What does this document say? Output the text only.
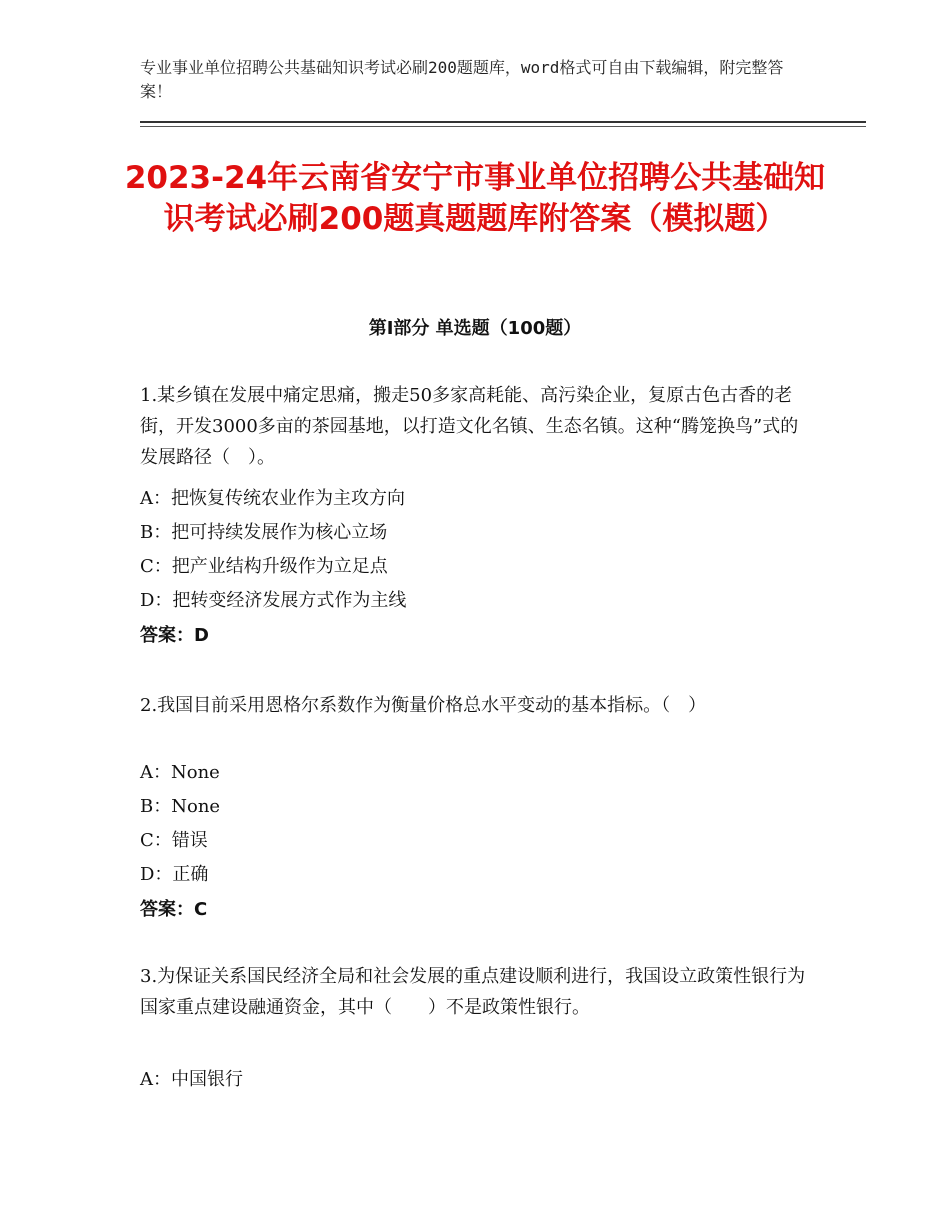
专业事业单位招聘公共基础知识考试必刷200题题库，word格式可自由下载编辑，附完整答案！
2023-24年云南省安宁市事业单位招聘公共基础知识考试必刷200题真题题库附答案（模拟题）
第Ⅰ部分 单选题（100题）
1.某乡镇在发展中痛定思痛，搬走50多家高耗能、高污染企业，复原古色古香的老街，开发3000多亩的茶园基地，以打造文化名镇、生态名镇。这种“腾笼换鸟”式的发展路径（　）。
A：把恢复传统农业作为主攻方向
B：把可持续发展作为核心立场
C：把产业结构升级作为立足点
D：把转变经济发展方式作为主线
答案：D
2.我国目前采用恩格尔系数作为衡量价格总水平变动的基本指标。（　）
A：None
B：None
C：错误
D：正确
答案：C
3.为保证关系国民经济全局和社会发展的重点建设顺利进行，我国设立政策性银行为国家重点建设融通资金，其中（　　）不是政策性银行。
A：中国银行
